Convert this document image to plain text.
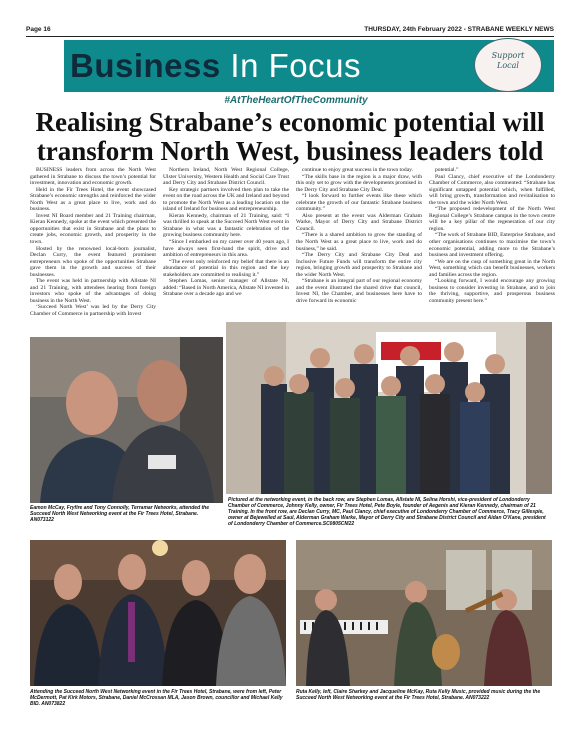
Page 16	THURSDAY, 24th February 2022 - STRABANE WEEKLY NEWS
Business In Focus	Support
Local
#AtTheHeartOfTheCommunity
Realising Strabane’s economic potential will transform North West, business leaders told

BUSINESS leaders from across the North West gathered in Strabane to discuss the town’s potential for investment, innovation and economic growth.

Held in the Fir Trees Hotel, the event showcased Strabane’s economic strengths and reinforced the wider North West as a great place to live, work and do business.

Invest NI Board member and 21 Training chairman, Kieran Kennedy, spoke at the event which presented the opportunities that exist in Strabane and the plans to create jobs, economic growth, and prosperity in the town.

Hosted by the renowned local-born journalist, Declan Curry, the event featured prominent entrepreneurs who spoke of the opportunities Strabane gave them in the growth and success of their businesses.

The event was held in partnership with Allstate NI and 21 Training, with attendees hearing from foreign investors who spoke of the advantages of doing business in the North West.

‘Succeed North West’ was led by the Derry City Chamber of Commerce in partnership with Invest

Northern Ireland, North West Regional College, Ulster University, Western Health and Social Care Trust and Derry City and Strabane District Council.

Key strategic partners involved then plan to take the event on the road across the UK and Ireland and beyond to promote the North West as a leading location on the island of Ireland for business and entrepreneurship.

Kieran Kennedy, chairman of 21 Training, said: “I was thrilled to speak at the Succeed North West event in Strabane in what was a fantastic celebration of the growing business community here.

“Since I embarked on my career over 40 years ago, I have always seen first-hand the spirit, drive and ambition of entrepreneurs in this area.

“The event only reinforced my belief that there is an abundance of potential in this region and the key stakeholders are committed to realising it.”

Stephen Lomas, senior manager of Allstate NI, added: “Based in North America, Allstate NI invested in Strabane over a decade ago and we

continue to enjoy great success in the town today.

“The skills base in the region is a major draw, with this only set to grow with the developments promised in the Derry City and Strabane City Deal.

“I look forward to further events like these which celebrate the growth of our fantastic Strabane business community.”

Also present at the event was Alderman Graham Warke, Mayor of Derry City and Strabane District Council.

“There is a shared ambition to grow the standing of the North West as a great place to live, work and do business,” he said.

“The Derry City and Strabane City Deal and Inclusive Future Funds will transform the entire city region, bringing growth and prosperity to Strabane and the wider North West.

“Strabane is an integral part of our regional economy and the event illustrated the shared drive that council, Invest NI, the Chamber, and businesses here have to drive forward its economic

potential.”

Paul Clancy, chief executive of the Londonderry Chamber of Commerce, also commented: “Strabane has significant untapped potential which, when fulfilled, will bring growth, transformation and revitalisation to the town and the wider North West.

“The proposed redevelopment of the North West Regional College’s Strabane campus in the town centre will be a key pillar of the regeneration of our city region.

“The work of Strabane BID, Enterprise Strabane, and other organisations continues to maximise the town’s economic potential, adding more to the Strabane’s business and investment offering.

“We are on the cusp of something great in the North West, something which can benefit businesses, workers and families across the region.

“Looking forward, I would encourage any growing business to consider investing in Strabane, and to join the thriving, supportive, and prosperous business community present here.”

Eamon McCay, Fryfire and Tony Connolly, Terramar Networks, attended the Succeed North West Networking event at the Fir Trees Hotel, Strabane. AN073122
Pictured at the networking event, in the back row, are Stephen Lomas, Allstate NI, Selina Horshi, vice-president of Londonderry Chamber of Commerce, Johnny Kelly, owner, Fir Trees Hotel, Pete Boyle, founder of Aegenis and Kieran Kennedy, chairman of 21 Training. In the front row, are Declan Curry, MC, Paul Clancy, chief executive of Londonderry Chamber of Commerce, Tracy Gillespie, owner at Bejewelled at Saul, Alderman Graham Warke, Mayor of Derry City and Strabane District Council and Aidan O’Kane, president of Londonderry Chamber of Commerce.SC0805CM22
Attending the Succeed North West Networking event in the Fir Trees Hotel, Strabane, were from left, Peter McDermott, Pat Kirk Motors, Strabane, Daniel McCrossan MLA, Jason Brown, councillor and Michael Kelly BID. AN073822
Ruta Kelly, left, Claire Sharkey and Jacqueline McKay, Ruta Kelly Music, provided music during the the Succeed North West Networking event at the Fir Trees Hotel, Strabane. AN073222
